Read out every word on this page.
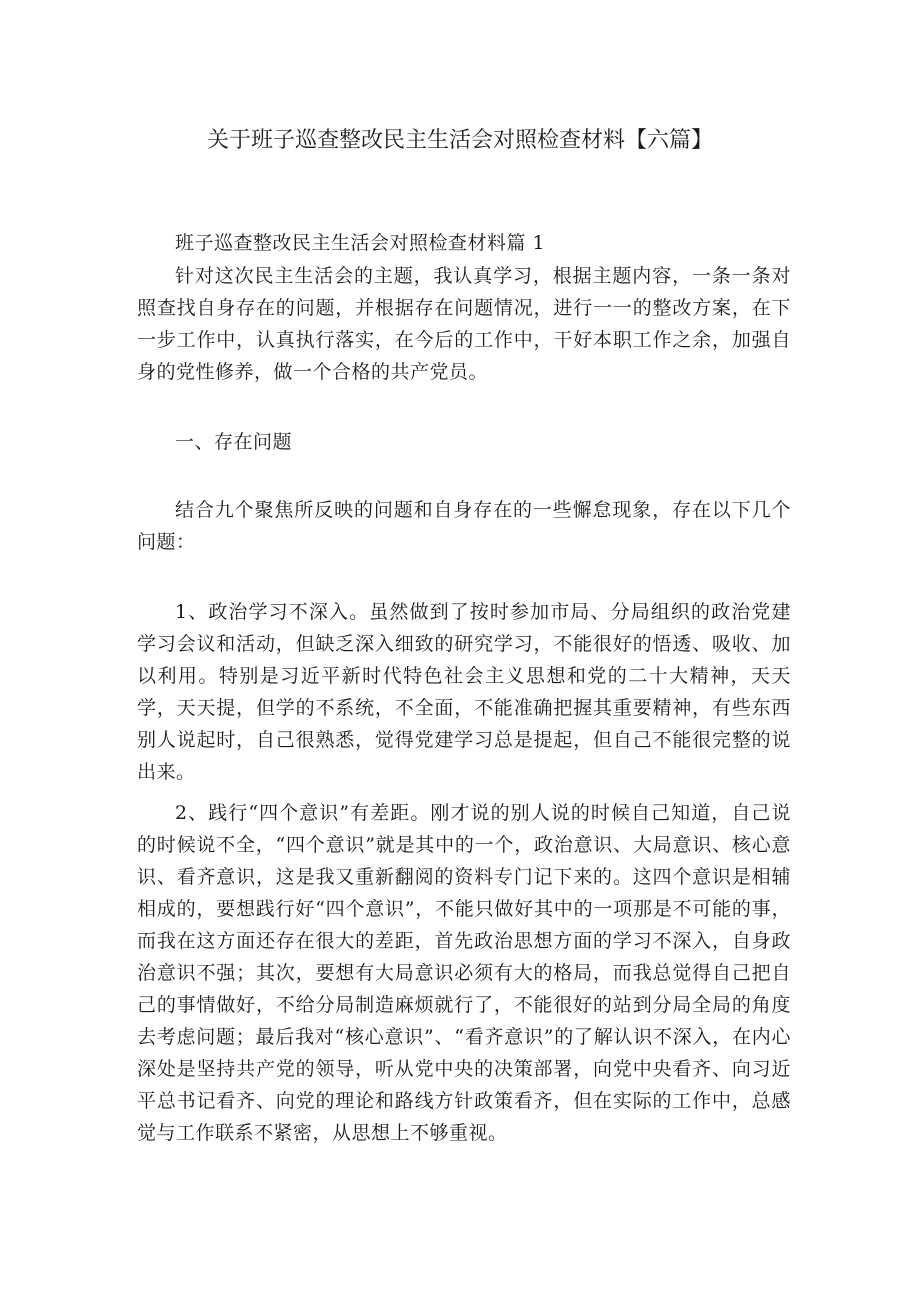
关于班子巡查整改民主生活会对照检查材料【六篇】

班子巡查整改民主生活会对照检查材料篇 1

针对这次民主生活会的主题，我认真学习，根据主题内容，一条一条对照查找自身存在的问题，并根据存在问题情况，进行一一的整改方案，在下一步工作中，认真执行落实，在今后的工作中，干好本职工作之余，加强自身的党性修养，做一个合格的共产党员。

一、存在问题

结合九个聚焦所反映的问题和自身存在的一些懈怠现象，存在以下几个问题：

1、政治学习不深入。虽然做到了按时参加市局、分局组织的政治党建学习会议和活动，但缺乏深入细致的研究学习，不能很好的悟透、吸收、加以利用。特别是习近平新时代特色社会主义思想和党的二十大精神，天天学，天天提，但学的不系统，不全面，不能准确把握其重要精神，有些东西别人说起时，自己很熟悉，觉得党建学习总是提起，但自己不能很完整的说出来。

2、践行“四个意识”有差距。刚才说的别人说的时候自己知道，自己说的时候说不全，“四个意识”就是其中的一个，政治意识、大局意识、核心意识、看齐意识，这是我又重新翻阅的资料专门记下来的。这四个意识是相辅相成的，要想践行好“四个意识”，不能只做好其中的一项那是不可能的事，而我在这方面还存在很大的差距，首先政治思想方面的学习不深入，自身政治意识不强；其次，要想有大局意识必须有大的格局，而我总觉得自己把自己的事情做好，不给分局制造麻烦就行了，不能很好的站到分局全局的角度去考虑问题；最后我对“核心意识”、“看齐意识”的了解认识不深入，在内心深处是坚持共产党的领导，听从党中央的决策部署，向党中央看齐、向习近平总书记看齐、向党的理论和路线方针政策看齐，但在实际的工作中，总感觉与工作联系不紧密，从思想上不够重视。
